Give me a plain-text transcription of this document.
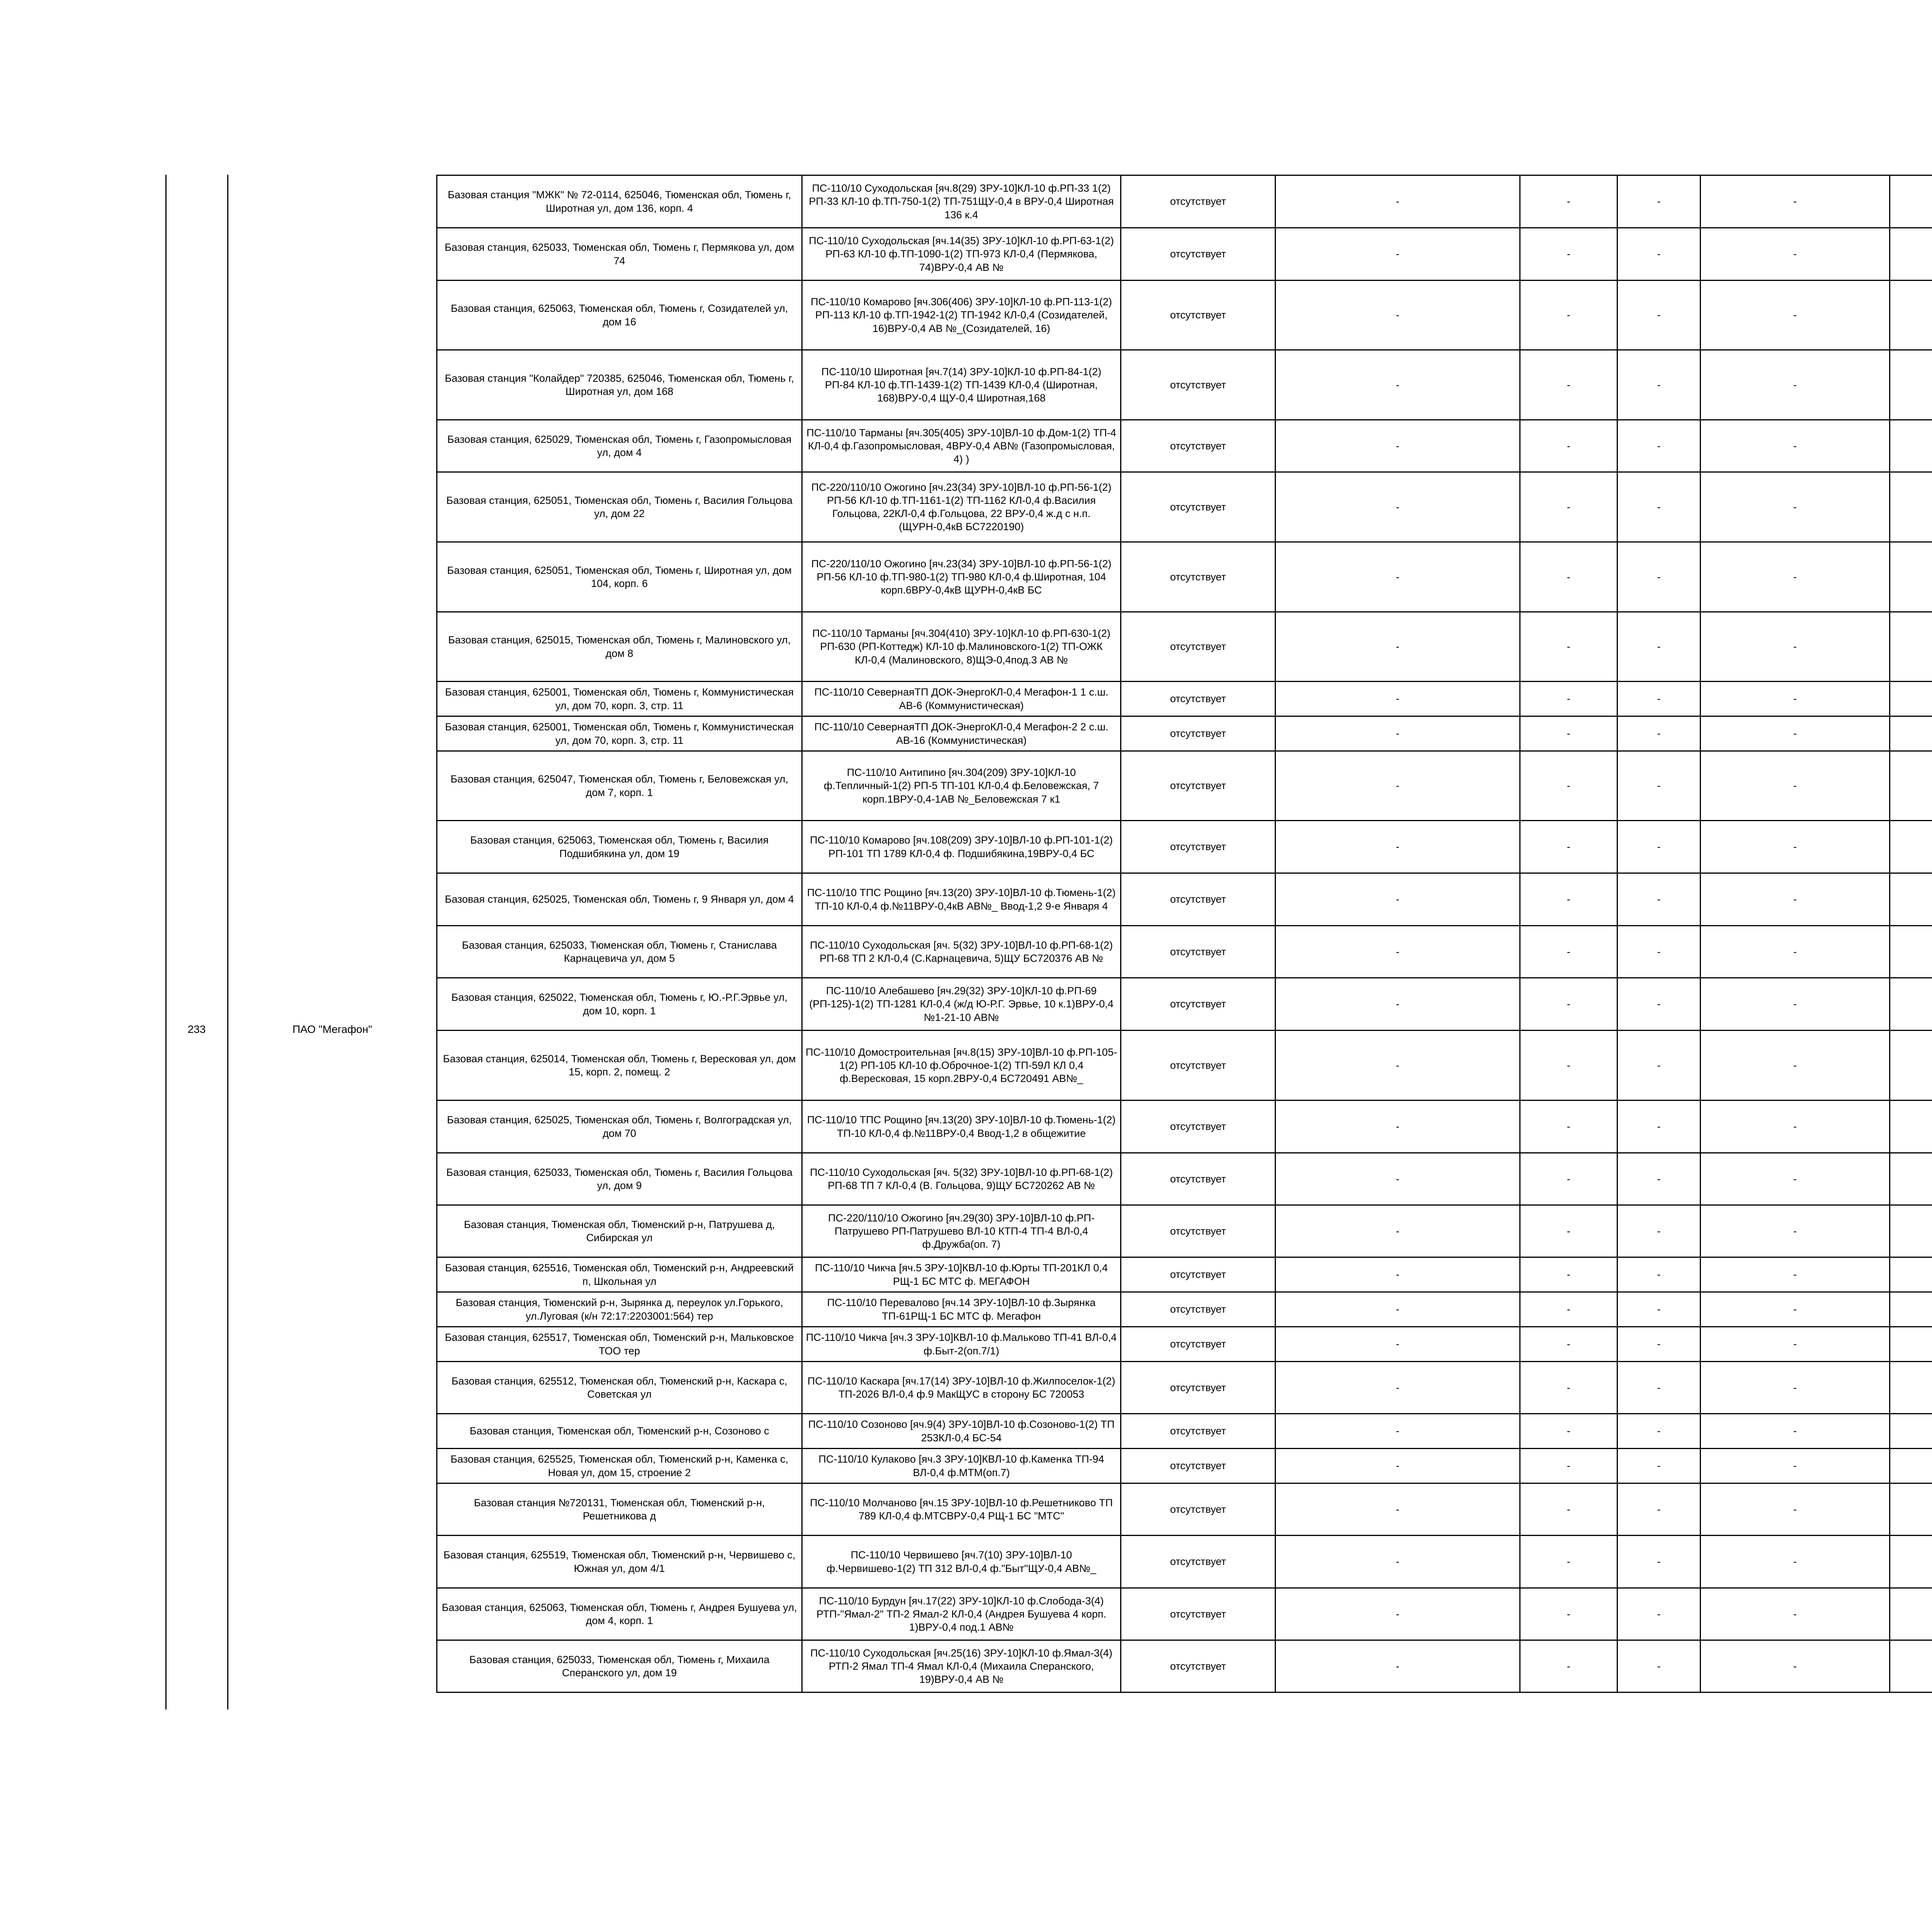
233	ПАО "Мегафон"
Базовая станция "МЖК" № 72-0114, 625046, Тюменская обл, Тюмень г, Широтная ул, дом 136, корп. 4	ПС-110/10 Суходольская [яч.8(29) ЗРУ-10]КЛ-10 ф.РП-33 1(2) РП-33 КЛ-10 ф.ТП-750-1(2) ТП-751ЩУ-0,4 в ВРУ-0,4 Широтная 136 к.4	отсутствует	-	-	-	-		
Базовая станция, 625033, Тюменская обл, Тюмень г, Пермякова ул, дом 74	ПС-110/10 Суходольская [яч.14(35) ЗРУ-10]КЛ-10 ф.РП-63-1(2) РП-63 КЛ-10 ф.ТП-1090-1(2) ТП-973 КЛ-0,4 (Пермякова, 74)ВРУ-0,4 АВ №	отсутствует	-	-	-	-		
Базовая станция, 625063, Тюменская обл, Тюмень г, Созидателей ул, дом 16	ПС-110/10 Комарово [яч.306(406) ЗРУ-10]КЛ-10 ф.РП-113-1(2) РП-113 КЛ-10 ф.ТП-1942-1(2) ТП-1942 КЛ-0,4 (Созидателей, 16)ВРУ-0,4 АВ №_(Созидателей, 16)	отсутствует	-	-	-	-		
Базовая станция "Колайдер" 720385, 625046, Тюменская обл, Тюмень г, Широтная ул, дом 168	ПС-110/10 Широтная [яч.7(14) ЗРУ-10]КЛ-10 ф.РП-84-1(2) РП-84 КЛ-10 ф.ТП-1439-1(2) ТП-1439 КЛ-0,4 (Широтная, 168)ВРУ-0,4 ЩУ-0,4 Широтная,168	отсутствует	-	-	-	-		
Базовая станция, 625029, Тюменская обл, Тюмень г, Газопромысловая ул, дом 4	ПС-110/10 Тарманы [яч.305(405) ЗРУ-10]ВЛ-10 ф.Дом-1(2) ТП-4 КЛ-0,4 ф.Газопромысловая, 4ВРУ-0,4 АВ№ (Газопромысловая, 4) )	отсутствует	-	-	-	-		
Базовая станция, 625051, Тюменская обл, Тюмень г, Василия Гольцова ул, дом 22	ПС-220/110/10 Ожогино [яч.23(34) ЗРУ-10]ВЛ-10 ф.РП-56-1(2) РП-56 КЛ-10 ф.ТП-1161-1(2) ТП-1162 КЛ-0,4 ф.Василия Гольцова, 22КЛ-0,4 ф.Гольцова, 22 ВРУ-0,4 ж.д с н.п. (ЩУРН-0,4кВ БС7220190)	отсутствует	-	-	-	-		
Базовая станция, 625051, Тюменская обл, Тюмень г, Широтная ул, дом 104, корп. 6	ПС-220/110/10 Ожогино [яч.23(34) ЗРУ-10]ВЛ-10 ф.РП-56-1(2) РП-56 КЛ-10 ф.ТП-980-1(2) ТП-980 КЛ-0,4 ф.Широтная, 104 корп.6ВРУ-0,4кВ ЩУРН-0,4кВ БС	отсутствует	-	-	-	-		
Базовая станция, 625015, Тюменская обл, Тюмень г, Малиновского ул, дом 8	ПС-110/10 Тарманы [яч.304(410) ЗРУ-10]КЛ-10 ф.РП-630-1(2) РП-630 (РП-Коттедж) КЛ-10 ф.Малиновского-1(2) ТП-ОЖК КЛ-0,4 (Малиновского, 8)ЩЭ-0,4под.3 АВ №	отсутствует	-	-	-	-		
Базовая станция, 625001, Тюменская обл, Тюмень г, Коммунистическая ул, дом 70, корп. 3, стр. 11	ПС-110/10 СевернаяТП ДОК-ЭнергоКЛ-0,4 Мегафон-1 1 с.ш. АВ-6 (Коммунистическая)	отсутствует	-	-	-	-		
Базовая станция, 625001, Тюменская обл, Тюмень г, Коммунистическая ул, дом 70, корп. 3, стр. 11	ПС-110/10 СевернаяТП ДОК-ЭнергоКЛ-0,4 Мегафон-2 2 с.ш. АВ-16 (Коммунистическая)	отсутствует	-	-	-	-		
Базовая станция, 625047, Тюменская обл, Тюмень г, Беловежская ул, дом 7, корп. 1	ПС-110/10 Антипино [яч.304(209) ЗРУ-10]КЛ-10 ф.Тепличный-1(2) РП-5 ТП-101 КЛ-0,4 ф.Беловежская, 7 корп.1ВРУ-0,4-1АВ №_Беловежская 7 к1	отсутствует	-	-	-	-		
Базовая станция, 625063, Тюменская обл, Тюмень г, Василия Подшибякина ул, дом 19	ПС-110/10 Комарово [яч.108(209) ЗРУ-10]ВЛ-10 ф.РП-101-1(2) РП-101 ТП 1789 КЛ-0,4 ф. Подшибякина,19ВРУ-0,4 БС	отсутствует	-	-	-	-		
Базовая станция, 625025, Тюменская обл, Тюмень г, 9 Января ул, дом 4	ПС-110/10 ТПС Рощино [яч.13(20) ЗРУ-10]ВЛ-10 ф.Тюмень-1(2) ТП-10 КЛ-0,4 ф.№11ВРУ-0,4кВ АВ№_ Ввод-1,2 9-е Января 4	отсутствует	-	-	-	-		
Базовая станция, 625033, Тюменская обл, Тюмень г, Станислава Карнацевича ул, дом 5	ПС-110/10 Суходольская [яч. 5(32) ЗРУ-10]ВЛ-10 ф.РП-68-1(2) РП-68 ТП 2 КЛ-0,4 (С.Карнацевича, 5)ЩУ БС720376 АВ №	отсутствует	-	-	-	-		
Базовая станция, 625022, Тюменская обл, Тюмень г, Ю.-Р.Г.Эрвье ул, дом 10, корп. 1	ПС-110/10 Алебашево [яч.29(32) ЗРУ-10]КЛ-10 ф.РП-69 (РП-125)-1(2) ТП-1281 КЛ-0,4 (ж/д Ю-Р.Г. Эрвье, 10 к.1)ВРУ-0,4 №1-21-10 АВ№	отсутствует	-	-	-	-		
Базовая станция, 625014, Тюменская обл, Тюмень г, Вересковая ул, дом 15, корп. 2, помещ. 2	ПС-110/10 Домостроительная [яч.8(15) ЗРУ-10]ВЛ-10 ф.РП-105-1(2) РП-105 КЛ-10 ф.Оброчное-1(2) ТП-59Л КЛ 0,4 ф.Вересковая, 15 корп.2ВРУ-0,4 БС720491 АВ№_	отсутствует	-	-	-	-		
Базовая станция, 625025, Тюменская обл, Тюмень г, Волгоградская ул, дом 70	ПС-110/10 ТПС Рощино [яч.13(20) ЗРУ-10]ВЛ-10 ф.Тюмень-1(2) ТП-10 КЛ-0,4 ф.№11ВРУ-0,4 Ввод-1,2 в общежитие	отсутствует	-	-	-	-		
Базовая станция, 625033, Тюменская обл, Тюмень г, Василия Гольцова ул, дом 9	ПС-110/10 Суходольская [яч. 5(32) ЗРУ-10]ВЛ-10 ф.РП-68-1(2) РП-68 ТП 7 КЛ-0,4 (В. Гольцова, 9)ЩУ БС720262 АВ №	отсутствует	-	-	-	-		
Базовая станция, Тюменская обл, Тюменский р-н, Патрушева д, Сибирская ул	ПС-220/110/10 Ожогино [яч.29(30) ЗРУ-10]ВЛ-10 ф.РП-Патрушево РП-Патрушево ВЛ-10 КТП-4 ТП-4 ВЛ-0,4 ф.Дружба(оп. 7)	отсутствует	-	-	-	-		
Базовая станция, 625516, Тюменская обл, Тюменский р-н, Андреевский п, Школьная ул	ПС-110/10 Чикча [яч.5 ЗРУ-10]КВЛ-10 ф.Юрты ТП-201КЛ 0,4 РЩ-1 БС МТС ф. МЕГАФОН	отсутствует	-	-	-	-		
Базовая станция, Тюменский р-н, Зырянка д, переулок ул.Горького, ул.Луговая (к/н 72:17:2203001:564) тер	ПС-110/10 Перевалово [яч.14 ЗРУ-10]ВЛ-10 ф.Зырянка ТП-61РЩ-1 БС МТС ф. Мегафон	отсутствует	-	-	-	-		
Базовая станция, 625517, Тюменская обл, Тюменский р-н, Мальковское ТОО тер	ПС-110/10 Чикча [яч.3 ЗРУ-10]КВЛ-10 ф.Мальково ТП-41 ВЛ-0,4 ф.Быт-2(оп.7/1)	отсутствует	-	-	-	-		
Базовая станция, 625512, Тюменская обл, Тюменский р-н, Каскара с, Советская ул	ПС-110/10 Каскара [яч.17(14) ЗРУ-10]ВЛ-10 ф.Жилпоселок-1(2) ТП-2026 ВЛ-0,4 ф.9 МакЩУС в сторону БС 720053	отсутствует	-	-	-	-		
Базовая станция, Тюменская обл, Тюменский р-н, Созоново с	ПС-110/10 Созоново [яч.9(4) ЗРУ-10]ВЛ-10 ф.Созоново-1(2) ТП 253КЛ-0,4 БС-54	отсутствует	-	-	-	-		
Базовая станция, 625525, Тюменская обл, Тюменский р-н, Каменка с, Новая ул, дом 15, строение 2	ПС-110/10 Кулаково [яч.3 ЗРУ-10]КВЛ-10 ф.Каменка ТП-94 ВЛ-0,4 ф.МТМ(оп.7)	отсутствует	-	-	-	-		
Базовая станция №720131, Тюменская обл, Тюменский р-н, Решетникова д	ПС-110/10 Молчаново [яч.15 ЗРУ-10]ВЛ-10 ф.Решетниково ТП 789 КЛ-0,4 ф.МТСВРУ-0,4 РЩ-1 БС "МТС"	отсутствует	-	-	-	-		
Базовая станция, 625519, Тюменская обл, Тюменский р-н, Червишево с, Южная ул, дом 4/1	ПС-110/10 Червишево [яч.7(10) ЗРУ-10]ВЛ-10 ф.Червишево-1(2) ТП 312 ВЛ-0,4 ф."Быт"ЩУ-0,4 АВ№_	отсутствует	-	-	-	-		
Базовая станция, 625063, Тюменская обл, Тюмень г, Андрея Бушуева ул, дом 4, корп. 1	ПС-110/10 Бурдун [яч.17(22) ЗРУ-10]КЛ-10 ф.Слобода-3(4) РТП-"Ямал-2" ТП-2 Ямал-2 КЛ-0,4 (Андрея Бушуева 4 корп. 1)ВРУ-0,4 под.1 АВ№	отсутствует	-	-	-	-		
Базовая станция, 625033, Тюменская обл, Тюмень г, Михаила Сперанского ул, дом 19	ПС-110/10 Суходольская [яч.25(16) ЗРУ-10]КЛ-10 ф.Ямал-3(4) РТП-2 Ямал ТП-4 Ямал КЛ-0,4 (Михаила Сперанского, 19)ВРУ-0,4 АВ №	отсутствует	-	-	-	-		
